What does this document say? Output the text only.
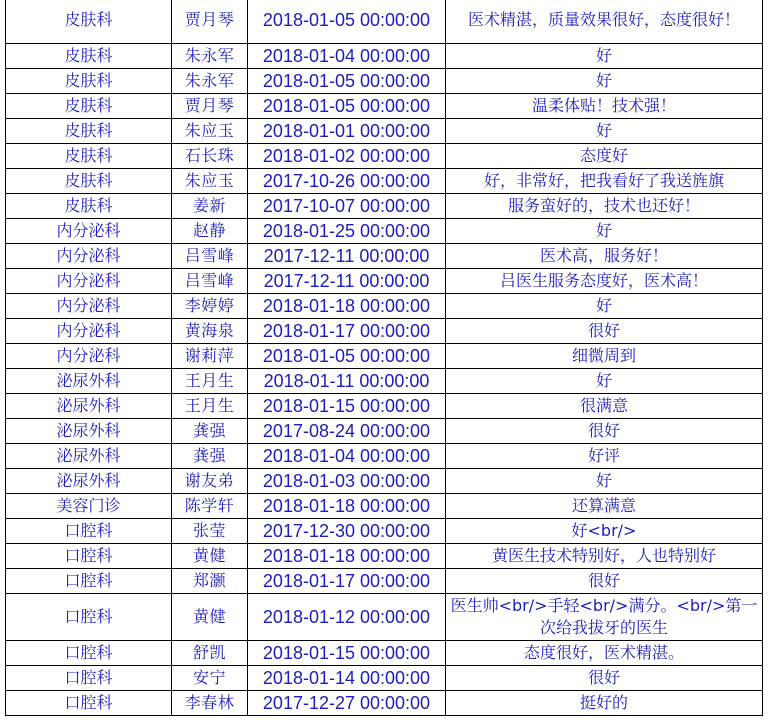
皮肤科	贾月琴	2018-01-05 00:00:00	医术精湛，质量效果很好，态度很好！
皮肤科	朱永军	2018-01-04 00:00:00	好
皮肤科	朱永军	2018-01-05 00:00:00	好
皮肤科	贾月琴	2018-01-05 00:00:00	温柔体贴！技术强！
皮肤科	朱应玉	2018-01-01 00:00:00	好
皮肤科	石长珠	2018-01-02 00:00:00	态度好
皮肤科	朱应玉	2017-10-26 00:00:00	好，非常好，把我看好了我送旌旗
皮肤科	姜新	2017-10-07 00:00:00	服务蛮好的，技术也还好！
内分泌科	赵静	2018-01-25 00:00:00	好
内分泌科	吕雪峰	2017-12-11 00:00:00	医术高，服务好！
内分泌科	吕雪峰	2017-12-11 00:00:00	吕医生服务态度好，医术高！
内分泌科	李婷婷	2018-01-18 00:00:00	好
内分泌科	黄海泉	2018-01-17 00:00:00	很好
内分泌科	谢莉萍	2018-01-05 00:00:00	细微周到
泌尿外科	王月生	2018-01-11 00:00:00	好
泌尿外科	王月生	2018-01-15 00:00:00	很满意
泌尿外科	龚强	2017-08-24 00:00:00	很好
泌尿外科	龚强	2018-01-04 00:00:00	好评
泌尿外科	谢友弟	2018-01-03 00:00:00	好
美容门诊	陈学轩	2018-01-18 00:00:00	还算满意
口腔科	张莹	2017-12-30 00:00:00	好<br/>
口腔科	黄健	2018-01-18 00:00:00	黄医生技术特别好，人也特别好
口腔科	郑灏	2018-01-17 00:00:00	很好
口腔科	黄健	2018-01-12 00:00:00	医生帅<br/>手轻<br/>满分。<br/>第一次给我拔牙的医生
口腔科	舒凯	2018-01-15 00:00:00	态度很好，医术精湛。
口腔科	安宁	2018-01-14 00:00:00	很好
口腔科	李春林	2017-12-27 00:00:00	挺好的
